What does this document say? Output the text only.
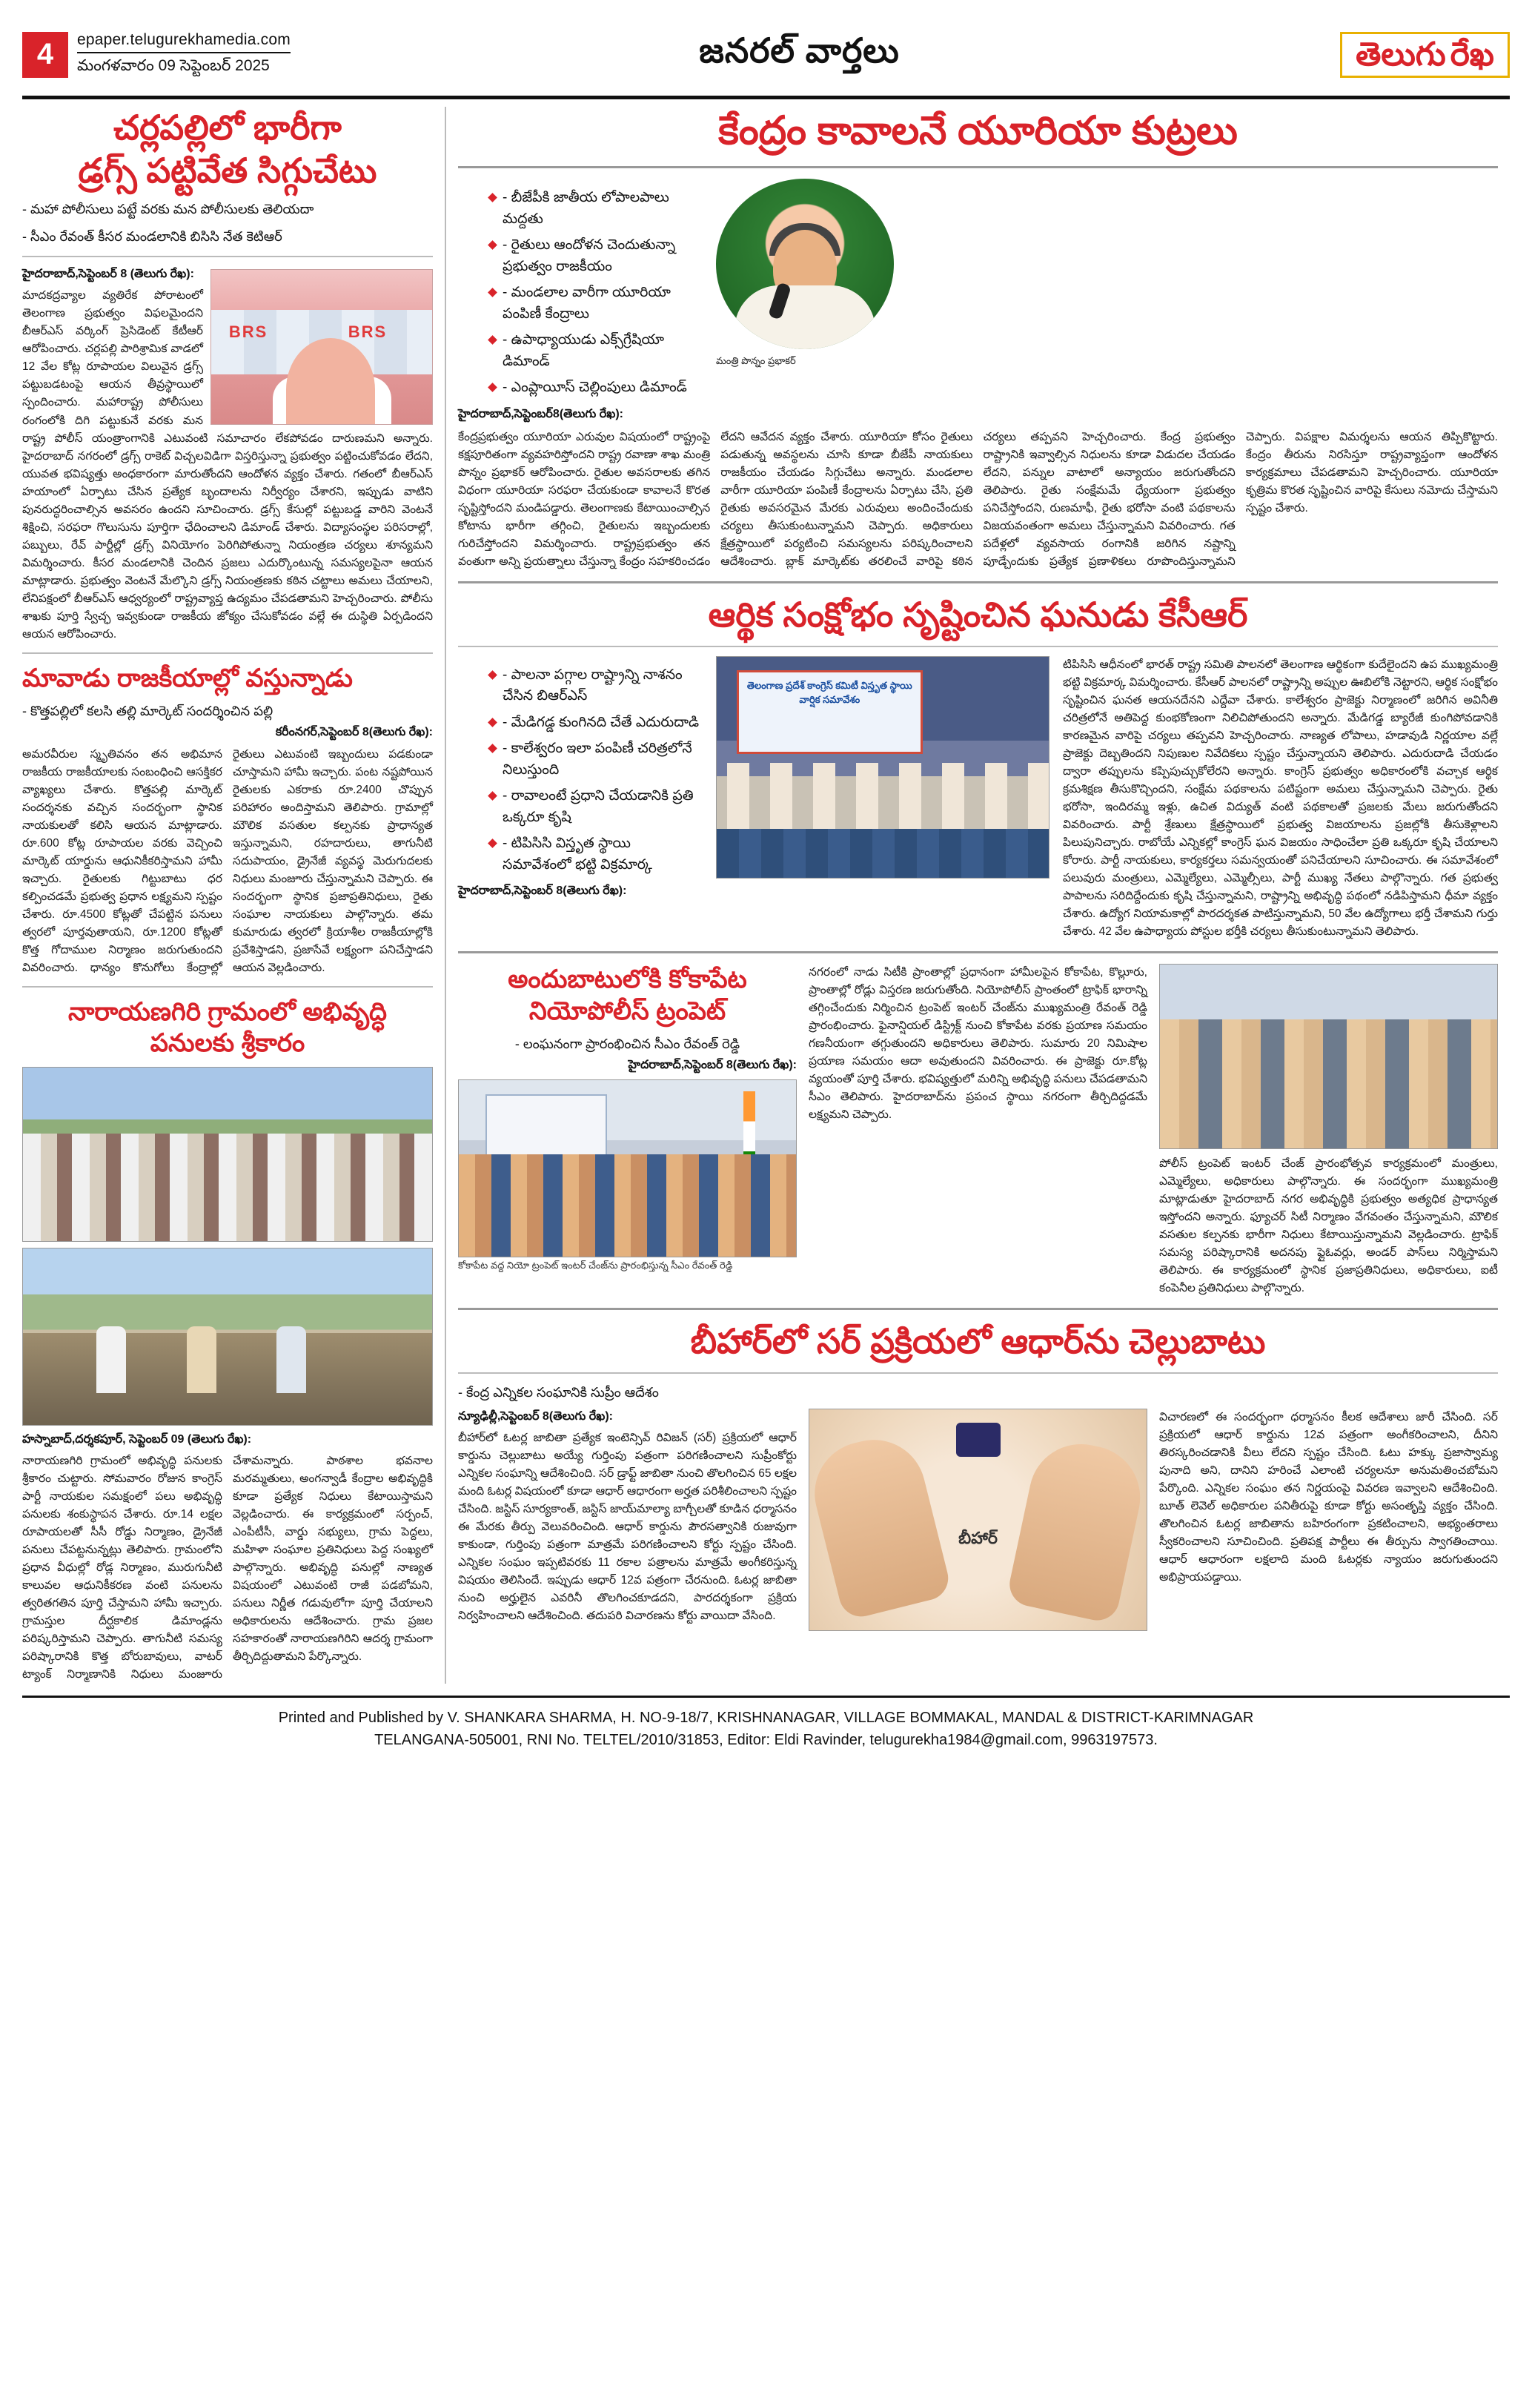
4	epaper.telugurekhamedia.com
మంగళవారం 09 సెప్టెంబర్ 2025	జనరల్ వార్తలు	తెలుగు రేఖ
చర్లపల్లిలో భారీగా
డ్రగ్స్ పట్టివేత సిగ్గుచేటు
- మహా పోలీసులు పట్టే వరకు మన పోలీసులకు తెలియదా
- సీఎం రేవంత్ కీసర మండలానికి బిసిసి నేత కెటిఆర్
BRS	BRS
హైదరాబాద్,సెప్టెంబర్ 8 (తెలుగు రేఖ):
మాదకద్రవ్యాల వ్యతిరేక పోరాటంలో తెలంగాణ ప్రభుత్వం విఫలమైందని బీఆర్ఎస్ వర్కింగ్ ప్రెసిడెంట్ కేటీఆర్ ఆరోపించారు. చర్లపల్లి పారిశ్రామిక వాడలో 12 వేల కోట్ల రూపాయల విలువైన డ్రగ్స్ పట్టుబడటంపై ఆయన తీవ్రస్థాయిలో స్పందించారు. మహారాష్ట్ర పోలీసులు రంగంలోకి దిగి పట్టుకునే వరకు మన రాష్ట్ర పోలీస్ యంత్రాంగానికి ఎటువంటి సమాచారం లేకపోవడం దారుణమని అన్నారు. హైదరాబాద్ నగరంలో డ్రగ్స్ రాకెట్ విచ్చలవిడిగా విస్తరిస్తున్నా ప్రభుత్వం పట్టించుకోవడం లేదని, యువత భవిష్యత్తు అంధకారంగా మారుతోందని ఆందోళన వ్యక్తం చేశారు. గతంలో బీఆర్ఎస్ హయాంలో ఏర్పాటు చేసిన ప్రత్యేక బృందాలను నిర్వీర్యం చేశారని, ఇప్పుడు వాటిని పునరుద్ధరించాల్సిన అవసరం ఉందని సూచించారు. డ్రగ్స్ కేసుల్లో పట్టుబడ్డ వారిని వెంటనే శిక్షించి, సరఫరా గొలుసును పూర్తిగా ఛేదించాలని డిమాండ్ చేశారు. విద్యాసంస్థల పరిసరాల్లో, పబ్బులు, రేవ్ పార్టీల్లో డ్రగ్స్ వినియోగం పెరిగిపోతున్నా నియంత్రణ చర్యలు శూన్యమని విమర్శించారు. కీసర మండలానికి చెందిన ప్రజలు ఎదుర్కొంటున్న సమస్యలపైనా ఆయన మాట్లాడారు. ప్రభుత్వం వెంటనే మేల్కొని డ్రగ్స్ నియంత్రణకు కఠిన చట్టాలు అమలు చేయాలని, లేనిపక్షంలో బీఆర్ఎస్ ఆధ్వర్యంలో రాష్ట్రవ్యాప్త ఉద్యమం చేపడతామని హెచ్చరించారు. పోలీసు శాఖకు పూర్తి స్వేచ్ఛ ఇవ్వకుండా రాజకీయ జోక్యం చేసుకోవడం వల్లే ఈ దుస్థితి ఏర్పడిందని ఆయన ఆరోపించారు.
మావాడు రాజకీయాల్లో వస్తున్నాడు
- కొత్తపల్లిలో కలసి తల్లి మార్కెట్ సందర్శించిన పల్లి
కరీంనగర్,సెప్టెంబర్ 8(తెలుగు రేఖ):
అమరవీరుల స్మృతివనం తన అభిమాన రాజకీయ రాజకీయాలకు సంబంధించి ఆసక్తికర వ్యాఖ్యలు చేశారు. కొత్తపల్లి మార్కెట్ సందర్శనకు వచ్చిన సందర్భంగా స్థానిక నాయకులతో కలిసి ఆయన మాట్లాడారు. రూ.600 కోట్ల రూపాయల వరకు వెచ్చించి మార్కెట్ యార్డును ఆధునికీకరిస్తామని హామీ ఇచ్చారు. రైతులకు గిట్టుబాటు ధర కల్పించడమే ప్రభుత్వ ప్రధాన లక్ష్యమని స్పష్టం చేశారు. రూ.4500 కోట్లతో చేపట్టిన పనులు త్వరలో పూర్తవుతాయని, రూ.1200 కోట్లతో కొత్త గోదాముల నిర్మాణం జరుగుతుందని వివరించారు. ధాన్యం కొనుగోలు కేంద్రాల్లో రైతులు ఎటువంటి ఇబ్బందులు పడకుండా చూస్తామని హామీ ఇచ్చారు. పంట నష్టపోయిన రైతులకు ఎకరాకు రూ.2400 చొప్పున పరిహారం అందిస్తామని తెలిపారు. గ్రామాల్లో మౌలిక వసతుల కల్పనకు ప్రాధాన్యత ఇస్తున్నామని, రహదారులు, తాగునీటి సదుపాయం, డ్రైనేజీ వ్యవస్థ మెరుగుదలకు నిధులు మంజూరు చేస్తున్నామని చెప్పారు. ఈ సందర్భంగా స్థానిక ప్రజాప్రతినిధులు, రైతు సంఘాల నాయకులు పాల్గొన్నారు. తమ కుమారుడు త్వరలో క్రియాశీల రాజకీయాల్లోకి ప్రవేశిస్తాడని, ప్రజాసేవే లక్ష్యంగా పనిచేస్తాడని ఆయన వెల్లడించారు.
నారాయణగిరి గ్రామంలో అభివృద్ధి
పనులకు శ్రీకారం
హస్నాబాద్,దర్శకపూర్, సెప్టెంబర్ 09 (తెలుగు రేఖ):
నారాయణగిరి గ్రామంలో అభివృద్ధి పనులకు శ్రీకారం చుట్టారు. సోమవారం రోజున కాంగ్రెస్ పార్టీ నాయకుల సమక్షంలో పలు అభివృద్ధి పనులకు శంకుస్థాపన చేశారు. రూ.14 లక్షల రూపాయలతో సీసీ రోడ్డు నిర్మాణం, డ్రైనేజీ పనులు చేపట్టనున్నట్లు తెలిపారు. గ్రామంలోని ప్రధాన వీధుల్లో రోడ్ల నిర్మాణం, మురుగునీటి కాలువల ఆధునికీకరణ వంటి పనులను త్వరితగతిన పూర్తి చేస్తామని హామీ ఇచ్చారు. గ్రామస్తుల దీర్ఘకాలిక డిమాండ్లను పరిష్కరిస్తామని చెప్పారు. తాగునీటి సమస్య పరిష్కారానికి కొత్త బోరుబావులు, వాటర్ ట్యాంక్ నిర్మాణానికి నిధులు మంజూరు చేశామన్నారు. పాఠశాల భవనాల మరమ్మతులు, అంగన్వాడీ కేంద్రాల అభివృద్ధికి కూడా ప్రత్యేక నిధులు కేటాయిస్తామని వెల్లడించారు. ఈ కార్యక్రమంలో సర్పంచ్, ఎంపీటీసీ, వార్డు సభ్యులు, గ్రామ పెద్దలు, మహిళా సంఘాల ప్రతినిధులు పెద్ద సంఖ్యలో పాల్గొన్నారు. అభివృద్ధి పనుల్లో నాణ్యత విషయంలో ఎటువంటి రాజీ పడబోమని, పనులు నిర్ణీత గడువులోగా పూర్తి చేయాలని అధికారులను ఆదేశించారు. గ్రామ ప్రజల సహకారంతో నారాయణగిరిని ఆదర్శ గ్రామంగా తీర్చిదిద్దుతామని పేర్కొన్నారు.
కేంద్రం కావాలనే యూరియా కుట్రలు
- బీజేపీకి జాతీయ లోపాలపాలు మద్దతు
- రైతులు ఆందోళన చెందుతున్నా ప్రభుత్వం రాజకీయం
- మండలాల వారీగా యూరియా పంపిణీ కేంద్రాలు
- ఉపాధ్యాయుడు ఎక్స్‌గ్రేషియా డిమాండ్
- ఎంప్లాయీస్ చెల్లింపులు డిమాండ్
హైదరాబాద్,సెప్టెంబర్8(తెలుగు రేఖ):
మంత్రి పొన్నం ప్రభాకర్
కేంద్రప్రభుత్వం యూరియా ఎరువుల విషయంలో రాష్ట్రంపై కక్షపూరితంగా వ్యవహరిస్తోందని రాష్ట్ర రవాణా శాఖ మంత్రి పొన్నం ప్రభాకర్ ఆరోపించారు. రైతుల అవసరాలకు తగిన విధంగా యూరియా సరఫరా చేయకుండా కావాలనే కొరత సృష్టిస్తోందని మండిపడ్డారు. తెలంగాణకు కేటాయించాల్సిన కోటాను భారీగా తగ్గించి, రైతులను ఇబ్బందులకు గురిచేస్తోందని విమర్శించారు. రాష్ట్రప్రభుత్వం తన వంతుగా అన్ని ప్రయత్నాలు చేస్తున్నా కేంద్రం సహకరించడం లేదని ఆవేదన వ్యక్తం చేశారు. యూరియా కోసం రైతులు పడుతున్న అవస్థలను చూసి కూడా బీజేపీ నాయకులు రాజకీయం చేయడం సిగ్గుచేటు అన్నారు. మండలాల వారీగా యూరియా పంపిణీ కేంద్రాలను ఏర్పాటు చేసి, ప్రతి రైతుకు అవసరమైన మేరకు ఎరువులు అందించేందుకు చర్యలు తీసుకుంటున్నామని చెప్పారు. అధికారులు క్షేత్రస్థాయిలో పర్యటించి సమస్యలను పరిష్కరించాలని ఆదేశించారు. బ్లాక్ మార్కెట్‌కు తరలించే వారిపై కఠిన చర్యలు తప్పవని హెచ్చరించారు. కేంద్ర ప్రభుత్వం రాష్ట్రానికి ఇవ్వాల్సిన నిధులను కూడా విడుదల చేయడం లేదని, పన్నుల వాటాలో అన్యాయం జరుగుతోందని తెలిపారు. రైతు సంక్షేమమే ధ్యేయంగా ప్రభుత్వం పనిచేస్తోందని, రుణమాఫీ, రైతు భరోసా వంటి పథకాలను విజయవంతంగా అమలు చేస్తున్నామని వివరించారు. గత పదేళ్లలో వ్యవసాయ రంగానికి జరిగిన నష్టాన్ని పూడ్చేందుకు ప్రత్యేక ప్రణాళికలు రూపొందిస్తున్నామని చెప్పారు. విపక్షాల విమర్శలను ఆయన తిప్పికొట్టారు. కేంద్రం తీరును నిరసిస్తూ రాష్ట్రవ్యాప్తంగా ఆందోళన కార్యక్రమాలు చేపడతామని హెచ్చరించారు. యూరియా కృత్రిమ కొరత సృష్టించిన వారిపై కేసులు నమోదు చేస్తామని స్పష్టం చేశారు.
ఆర్థిక సంక్షోభం సృష్టించిన ఘనుడు కేసీఆర్
- పాలనా పగ్గాల రాష్ట్రాన్ని నాశనం చేసిన బిఆర్ఎస్
- మేడిగడ్డ కుంగినది చేతే ఎదురుదాడి
- కాలేశ్వరం ఇలా పంపిణీ చరిత్రలోనే నిలుస్తుంది
- రావాలంటే ప్రధాని చేయడానికి ప్రతి ఒక్కరూ కృషి
- టిపిసిసి విస్తృత స్థాయి సమావేశంలో భట్టి విక్రమార్క
హైదరాబాద్,సెప్టెంబర్ 8(తెలుగు రేఖ):
తెలంగాణ ప్రదేశ్ కాంగ్రెస్ కమిటీ విస్తృత స్థాయి వార్షిక సమావేశం
టిపిసిసి ఆధీనంలో భారత్ రాష్ట్ర సమితి పాలనలో తెలంగాణ ఆర్థికంగా కుదేలైందని ఉప ముఖ్యమంత్రి భట్టి విక్రమార్క విమర్శించారు. కేసీఆర్ పాలనలో రాష్ట్రాన్ని అప్పుల ఊబిలోకి నెట్టారని, ఆర్థిక సంక్షోభం సృష్టించిన ఘనత ఆయనదేనని ఎద్దేవా చేశారు. కాలేశ్వరం ప్రాజెక్టు నిర్మాణంలో జరిగిన అవినీతి చరిత్రలోనే అతిపెద్ద కుంభకోణంగా నిలిచిపోతుందని అన్నారు. మేడిగడ్డ బ్యారేజీ కుంగిపోవడానికి కారణమైన వారిపై చర్యలు తప్పవని హెచ్చరించారు. నాణ్యత లోపాలు, హడావుడి నిర్ణయాల వల్లే ప్రాజెక్టు దెబ్బతిందని నిపుణుల నివేదికలు స్పష్టం చేస్తున్నాయని తెలిపారు. ఎదురుదాడి చేయడం ద్వారా తప్పులను కప్పిపుచ్చుకోలేరని అన్నారు. కాంగ్రెస్ ప్రభుత్వం అధికారంలోకి వచ్చాక ఆర్థిక క్రమశిక్షణ తీసుకొచ్చిందని, సంక్షేమ పథకాలను పటిష్టంగా అమలు చేస్తున్నామని చెప్పారు. రైతు భరోసా, ఇందిరమ్మ ఇళ్లు, ఉచిత విద్యుత్ వంటి పథకాలతో ప్రజలకు మేలు జరుగుతోందని వివరించారు. పార్టీ శ్రేణులు క్షేత్రస్థాయిలో ప్రభుత్వ విజయాలను ప్రజల్లోకి తీసుకెళ్లాలని పిలుపునిచ్చారు. రాబోయే ఎన్నికల్లో కాంగ్రెస్ ఘన విజయం సాధించేలా ప్రతి ఒక్కరూ కృషి చేయాలని కోరారు. పార్టీ నాయకులు, కార్యకర్తలు సమన్వయంతో పనిచేయాలని సూచించారు. ఈ సమావేశంలో పలువురు మంత్రులు, ఎమ్మెల్యేలు, ఎమ్మెల్సీలు, పార్టీ ముఖ్య నేతలు పాల్గొన్నారు. గత ప్రభుత్వ పాపాలను సరిదిద్దేందుకు కృషి చేస్తున్నామని, రాష్ట్రాన్ని అభివృద్ధి పథంలో నడిపిస్తామని ధీమా వ్యక్తం చేశారు. ఉద్యోగ నియామకాల్లో పారదర్శకత పాటిస్తున్నామని, 50 వేల ఉద్యోగాలు భర్తీ చేశామని గుర్తు చేశారు. 42 వేల ఉపాధ్యాయ పోస్టుల భర్తీకి చర్యలు తీసుకుంటున్నామని తెలిపారు.
అందుబాటులోకి కోకాపేట
నియోపోలీస్ ట్రంపెట్
- లంఘనంగా ప్రారంభించిన సీఎం రేవంత్ రెడ్డి
హైదరాబాద్,సెప్టెంబర్ 8(తెలుగు రేఖ):
కోకాపేట వద్ద నియో ట్రంపెట్ ఇంటర్ చేంజ్‌ను ప్రారంభిస్తున్న సీఎం రేవంత్ రెడ్డి
నగరంలో నాడు సిటీకి ప్రాంతాల్లో ప్రధానంగా హామీలపైన కోకాపేట, కొల్లూరు, ప్రాంతాల్లో రోడ్లు విస్తరణ జరుగుతోంది. నియోపోలీస్ ప్రాంతంలో ట్రాఫిక్ భారాన్ని తగ్గించేందుకు నిర్మించిన ట్రంపెట్ ఇంటర్ చేంజ్‌ను ముఖ్యమంత్రి రేవంత్ రెడ్డి ప్రారంభించారు. ఫైనాన్షియల్ డిస్ట్రిక్ట్ నుంచి కోకాపేట వరకు ప్రయాణ సమయం గణనీయంగా తగ్గుతుందని అధికారులు తెలిపారు. సుమారు 20 నిమిషాల ప్రయాణ సమయం ఆదా అవుతుందని వివరించారు. ఈ ప్రాజెక్టు రూ.కోట్ల వ్యయంతో పూర్తి చేశారు. భవిష్యత్తులో మరిన్ని అభివృద్ధి పనులు చేపడతామని సీఎం తెలిపారు. హైదరాబాద్‌ను ప్రపంచ స్థాయి నగరంగా తీర్చిదిద్దడమే లక్ష్యమని చెప్పారు.
పోలీస్ ట్రంపెట్ ఇంటర్ చేంజ్ ప్రారంభోత్సవ కార్యక్రమంలో మంత్రులు, ఎమ్మెల్యేలు, అధికారులు పాల్గొన్నారు. ఈ సందర్భంగా ముఖ్యమంత్రి మాట్లాడుతూ హైదరాబాద్ నగర అభివృద్ధికి ప్రభుత్వం అత్యధిక ప్రాధాన్యత ఇస్తోందని అన్నారు. ఫ్యూచర్ సిటీ నిర్మాణం వేగవంతం చేస్తున్నామని, మౌలిక వసతుల కల్పనకు భారీగా నిధులు కేటాయిస్తున్నామని వెల్లడించారు. ట్రాఫిక్ సమస్య పరిష్కారానికి అదనపు ఫ్లైఓవర్లు, అండర్ పాస్‌లు నిర్మిస్తామని తెలిపారు. ఈ కార్యక్రమంలో స్థానిక ప్రజాప్రతినిధులు, అధికారులు, ఐటీ కంపెనీల ప్రతినిధులు పాల్గొన్నారు.
బీహార్‌లో సర్ ప్రక్రియలో ఆధార్‌ను చెల్లుబాటు
- కేంద్ర ఎన్నికల సంఘానికి సుప్రీం ఆదేశం
న్యూఢిల్లీ,సెప్టెంబర్ 8(తెలుగు రేఖ):
బీహార్‌లో ఓటర్ల జాబితా ప్రత్యేక ఇంటెన్సివ్ రివిజన్ (సర్) ప్రక్రియలో ఆధార్ కార్డును చెల్లుబాటు అయ్యే గుర్తింపు పత్రంగా పరిగణించాలని సుప్రీంకోర్టు ఎన్నికల సంఘాన్ని ఆదేశించింది. సర్ డ్రాఫ్ట్ జాబితా నుంచి తొలగించిన 65 లక్షల మంది ఓటర్ల విషయంలో కూడా ఆధార్ ఆధారంగా అర్హత పరిశీలించాలని స్పష్టం చేసింది. జస్టిస్ సూర్యకాంత్, జస్టిస్ జాయ్‌మాల్యా బాగ్చీలతో కూడిన ధర్మాసనం ఈ మేరకు తీర్పు వెలువరించింది. ఆధార్ కార్డును పౌరసత్వానికి రుజువుగా కాకుండా, గుర్తింపు పత్రంగా మాత్రమే పరిగణించాలని కోర్టు స్పష్టం చేసింది. ఎన్నికల సంఘం ఇప్పటివరకు 11 రకాల పత్రాలను మాత్రమే అంగీకరిస్తున్న విషయం తెలిసిందే. ఇప్పుడు ఆధార్ 12వ పత్రంగా చేరనుంది. ఓటర్ల జాబితా నుంచి అర్హులైన ఎవరినీ తొలగించకూడదని, పారదర్శకంగా ప్రక్రియ నిర్వహించాలని ఆదేశించింది. తదుపరి విచారణను కోర్టు వాయిదా వేసింది.
బీహార్
విచారణలో ఈ సందర్భంగా ధర్మాసనం కీలక ఆదేశాలు జారీ చేసింది. సర్ ప్రక్రియలో ఆధార్ కార్డును 12వ పత్రంగా అంగీకరించాలని, దీనిని తిరస్కరించడానికి వీలు లేదని స్పష్టం చేసింది. ఓటు హక్కు ప్రజాస్వామ్య పునాది అని, దానిని హరించే ఎలాంటి చర్యలనూ అనుమతించబోమని పేర్కొంది. ఎన్నికల సంఘం తన నిర్ణయంపై వివరణ ఇవ్వాలని ఆదేశించింది. బూత్ లెవెల్ అధికారుల పనితీరుపై కూడా కోర్టు అసంతృప్తి వ్యక్తం చేసింది. తొలగించిన ఓటర్ల జాబితాను బహిరంగంగా ప్రకటించాలని, అభ్యంతరాలు స్వీకరించాలని సూచించింది. ప్రతిపక్ష పార్టీలు ఈ తీర్పును స్వాగతించాయి. ఆధార్ ఆధారంగా లక్షలాది మంది ఓటర్లకు న్యాయం జరుగుతుందని అభిప్రాయపడ్డాయి.
Printed and Published by V. SHANKARA SHARMA, H. NO-9-18/7, KRISHNANAGAR, VILLAGE BOMMAKAL, MANDAL & DISTRICT-KARIMNAGAR
TELANGANA-505001, RNI No. TELTEL/2010/31853, Editor: Eldi Ravinder, telugurekha1984@gmail.com, 9963197573.
